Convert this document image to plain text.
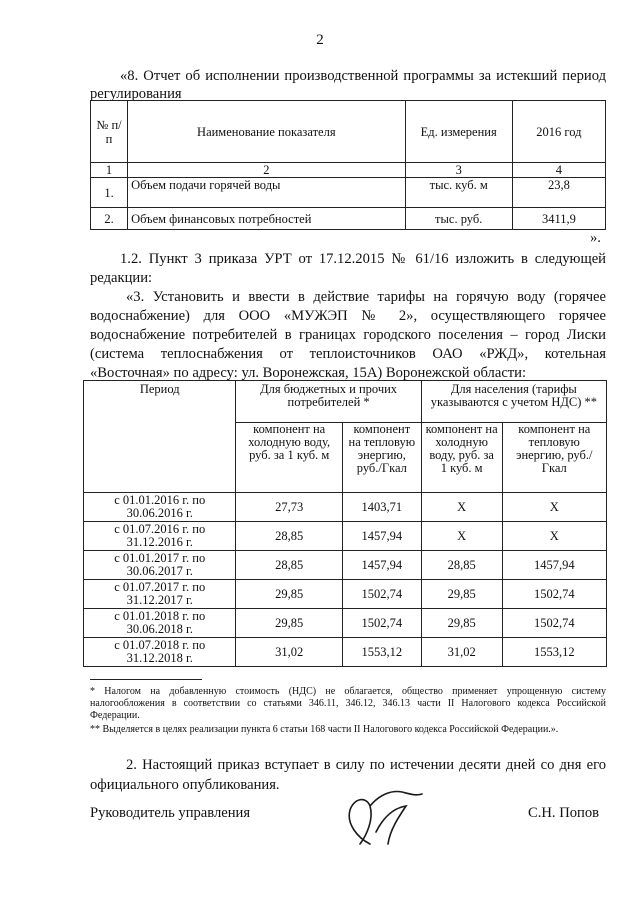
2
«8. Отчет об исполнении производственной программы за истекший период
регулирования
№ п/п	Наименование показателя	Ед. измерения	2016 год
1	2	3	4
1.	Объем подачи горячей воды	тыс. куб. м	23,8
2.	Объем финансовых потребностей	тыс. руб.	3411,9
».
1.2. Пункт 3 приказа УРТ от 17.12.2015 № 61/16 изложить в следующей
редакции:
«3. Установить и ввести в действие тарифы на горячую воду (горячее
водоснабжение) для ООО «МУЖЭП № 2», осуществляющего горячее
водоснабжение потребителей в границах городского поселения – город Лиски
(система теплоснабжения от теплоисточников ОАО «РЖД», котельная
«Восточная» по адресу: ул. Воронежская, 15А) Воронежской области:
Период	Для бюджетных и прочих потребителей *		Для населения (тарифы указываются с учетом НДС) **	
	компонент на холодную воду, руб. за 1 куб. м	компонент на тепловую энергию, руб./Гкал	компонент на холодную воду, руб. за 1 куб. м	компонент на тепловую энергию, руб./Гкал
с 01.01.2016 г. по
30.06.2016 г.	27,73	1403,71	X	X
с 01.07.2016 г. по
31.12.2016 г.	28,85	1457,94	X	X
с 01.01.2017 г. по
30.06.2017 г.	28,85	1457,94	28,85	1457,94
с 01.07.2017 г. по
31.12.2017 г.	29,85	1502,74	29,85	1502,74
с 01.01.2018 г. по
30.06.2018 г.	29,85	1502,74	29,85	1502,74
с 01.07.2018 г. по
31.12.2018 г.	31,02	1553,12	31,02	1553,12
* Налогом на добавленную стоимость (НДС) не облагается, общество применяет упрощенную систему
налогообложения в соответствии со статьями 346.11, 346.12, 346.13 части II Налогового кодекса Российской
Федерации.
** Выделяется в целях реализации пункта 6 статьи 168 части II Налогового кодекса Российской Федерации.».
2. Настоящий приказ вступает в силу по истечении десяти дней со дня его
официального опубликования.
Руководитель управления	С.Н. Попов
